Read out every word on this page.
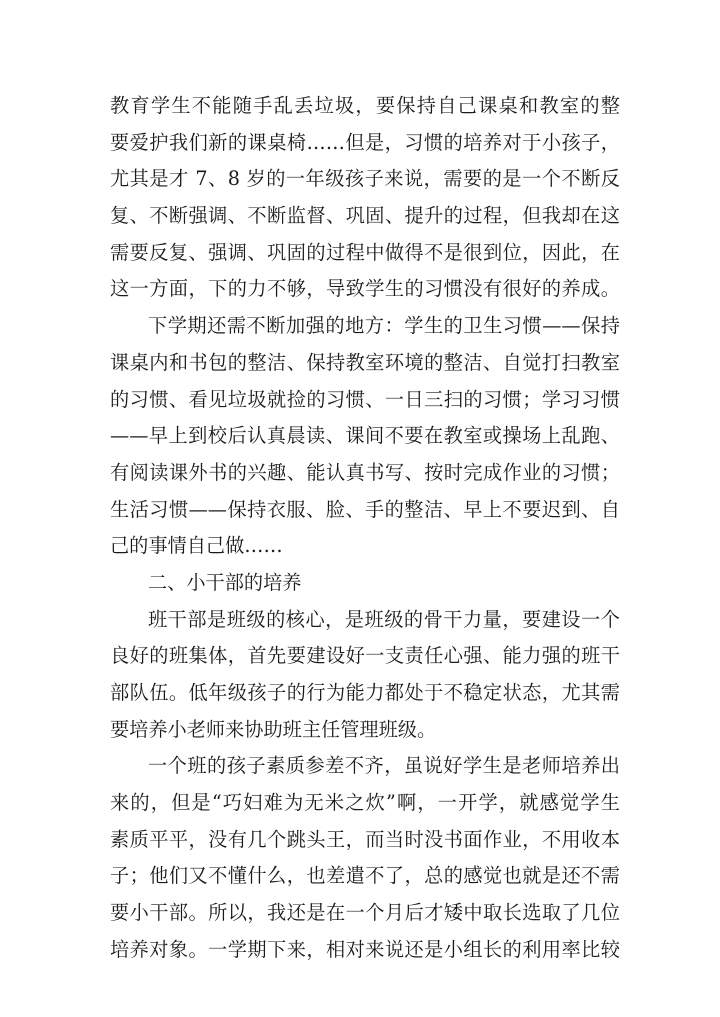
教育学生不能随手乱丢垃圾，要保持自己课桌和教室的整
要爱护我们新的课桌椅……但是，习惯的培养对于小孩子，
尤其是才 7、8 岁的一年级孩子来说，需要的是一个不断反
复、不断强调、不断监督、巩固、提升的过程，但我却在这
需要反复、强调、巩固的过程中做得不是很到位，因此，在
这一方面，下的力不够，导致学生的习惯没有很好的养成。
下学期还需不断加强的地方：学生的卫生习惯——保持
课桌内和书包的整洁、保持教室环境的整洁、自觉打扫教室
的习惯、看见垃圾就捡的习惯、一日三扫的习惯；学习习惯
——早上到校后认真晨读、课间不要在教室或操场上乱跑、
有阅读课外书的兴趣、能认真书写、按时完成作业的习惯；
生活习惯——保持衣服、脸、手的整洁、早上不要迟到、自
己的事情自己做……
二、小干部的培养
班干部是班级的核心，是班级的骨干力量，要建设一个
良好的班集体，首先要建设好一支责任心强、能力强的班干
部队伍。低年级孩子的行为能力都处于不稳定状态，尤其需
要培养小老师来协助班主任管理班级。
一个班的孩子素质参差不齐，虽说好学生是老师培养出
来的，但是“巧妇难为无米之炊”啊，一开学，就感觉学生
素质平平，没有几个跳头王，而当时没书面作业，不用收本
子；他们又不懂什么，也差遣不了，总的感觉也就是还不需
要小干部。所以，我还是在一个月后才矮中取长选取了几位
培养对象。一学期下来，相对来说还是小组长的利用率比较
